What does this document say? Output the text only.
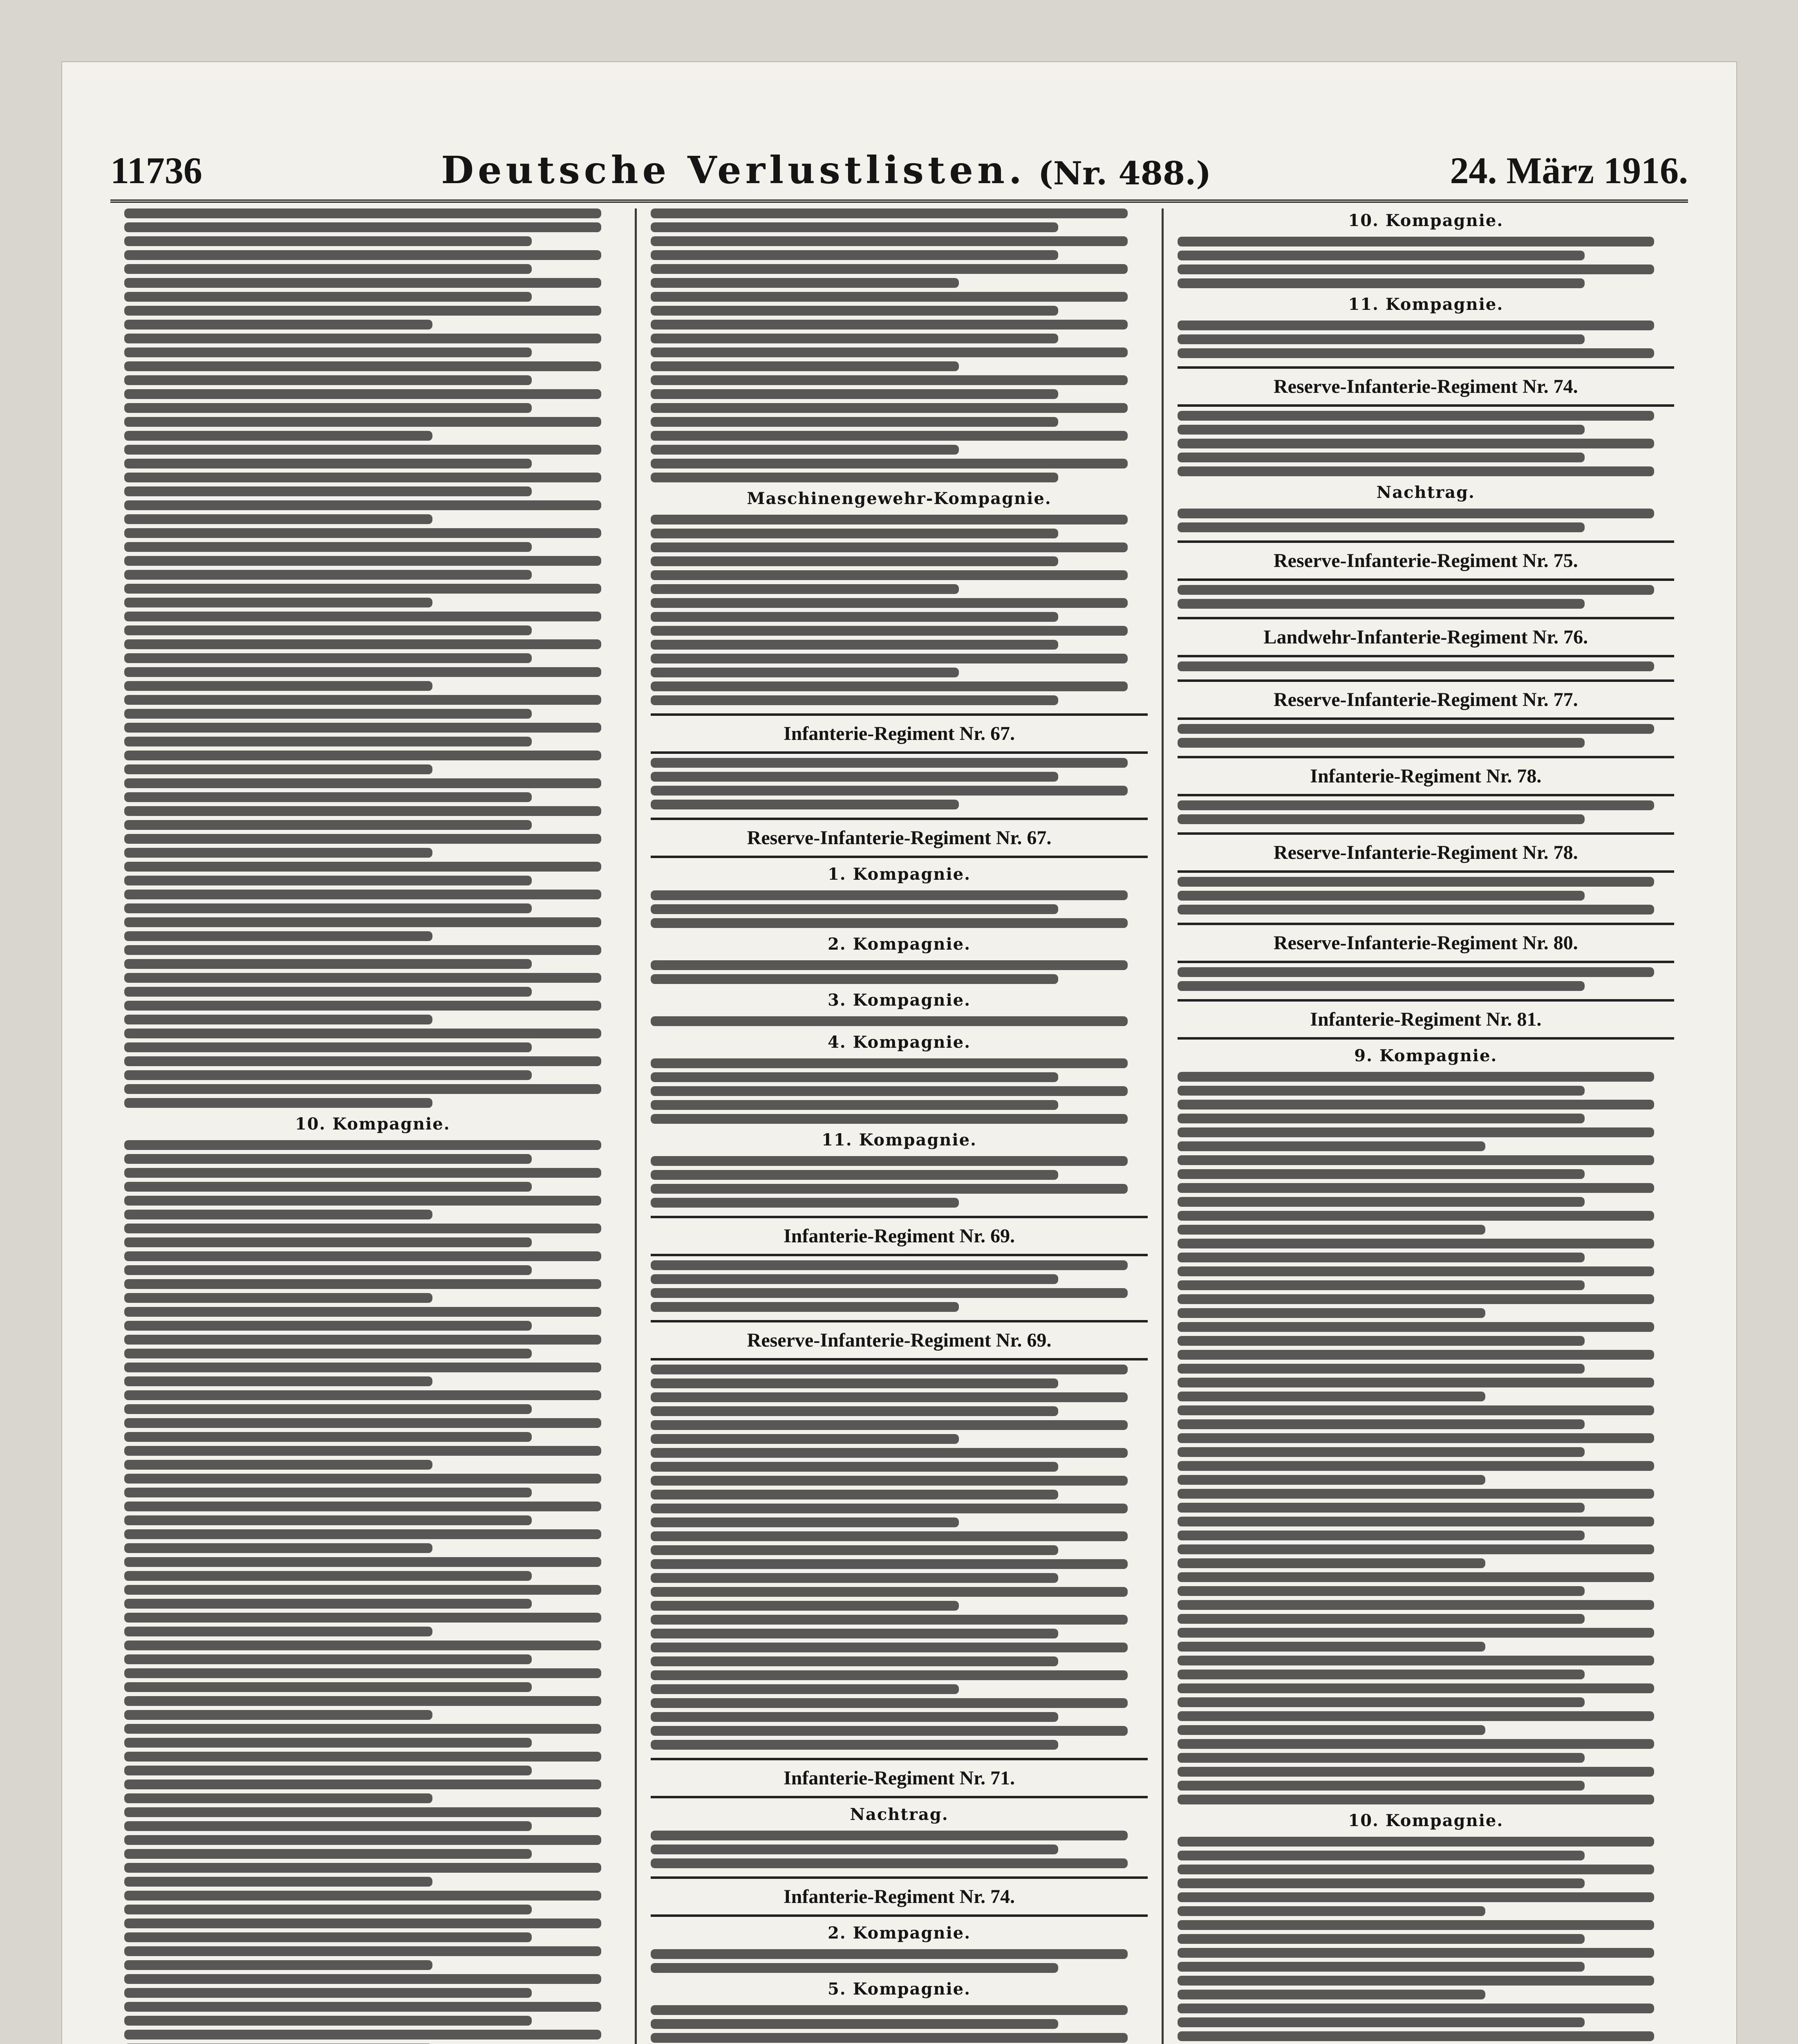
11736	Deutsche Verlustlisten. (Nr. 488.)	24. März 1916.
10. Kompagnie.
Maschinengewehr-Kompagnie.
Infanterie-Regiment Nr. 67.
Reserve-Infanterie-Regiment Nr. 67.
1. Kompagnie.
2. Kompagnie.
3. Kompagnie.
4. Kompagnie.
11. Kompagnie.
Infanterie-Regiment Nr. 69.
Reserve-Infanterie-Regiment Nr. 69.
Infanterie-Regiment Nr. 71.
Nachtrag.
Infanterie-Regiment Nr. 74.
2. Kompagnie.
5. Kompagnie.
10. Kompagnie.
11. Kompagnie.
Reserve-Infanterie-Regiment Nr. 74.
Nachtrag.
Reserve-Infanterie-Regiment Nr. 75.
Landwehr-Infanterie-Regiment Nr. 76.
Reserve-Infanterie-Regiment Nr. 77.
Infanterie-Regiment Nr. 78.
Reserve-Infanterie-Regiment Nr. 78.
Reserve-Infanterie-Regiment Nr. 80.
Infanterie-Regiment Nr. 81.
9. Kompagnie.
10. Kompagnie.
